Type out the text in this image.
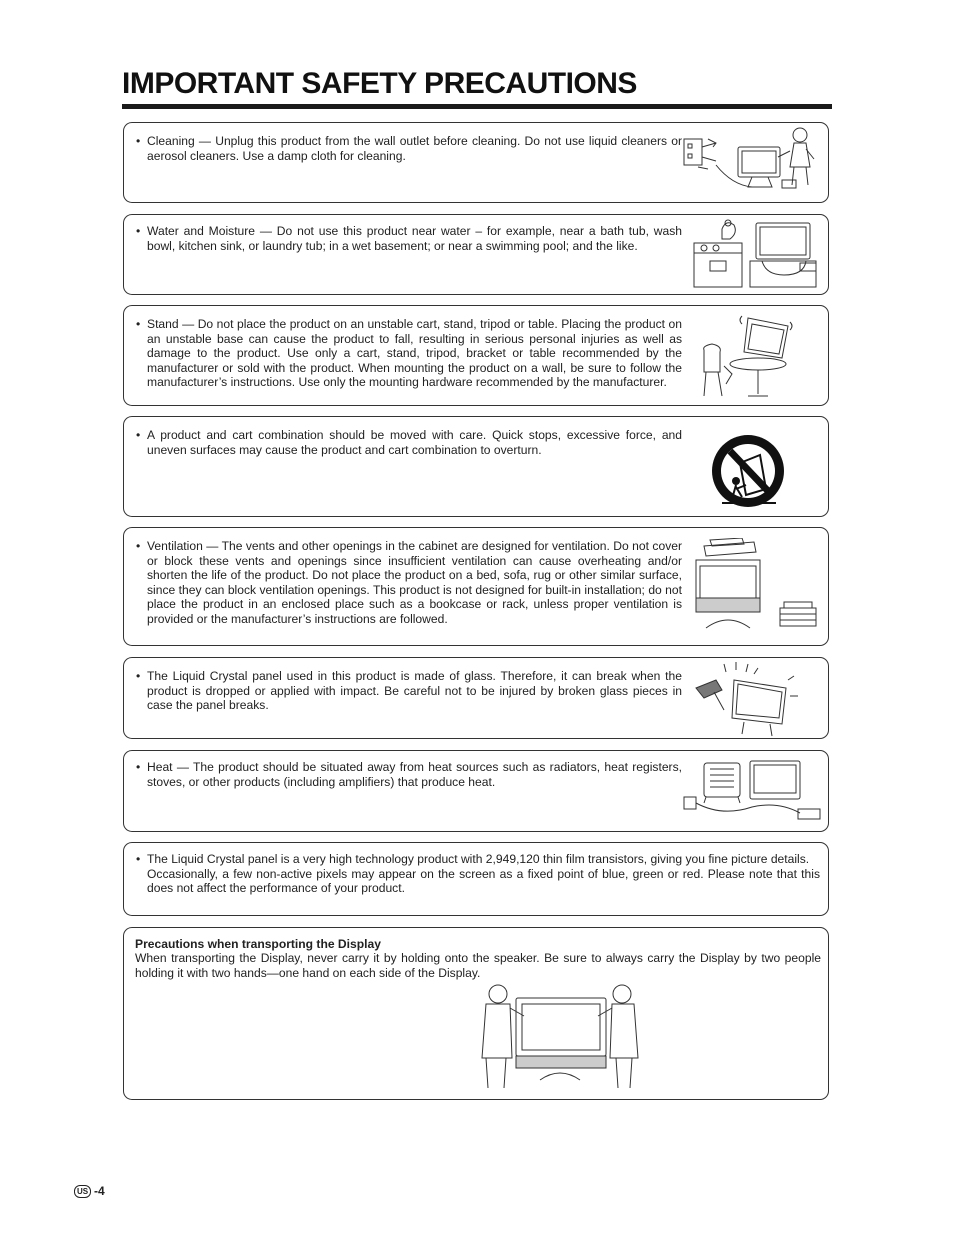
IMPORTANT SAFETY PRECAUTIONS
• Cleaning — Unplug this product from the wall outlet before cleaning. Do not use liquid cleaners or aerosol cleaners. Use a damp cloth for cleaning.
• Water and Moisture — Do not use this product near water – for example, near a bath tub, wash bowl, kitchen sink, or laundry tub; in a wet basement; or near a swimming pool; and the like.
• Stand — Do not place the product on an unstable cart, stand, tripod or table. Placing the product on an unstable base can cause the product to fall, resulting in serious personal injuries as well as damage to the product. Use only a cart, stand, tripod, bracket or table recommended by the manufacturer or sold with the product. When mounting the product on a wall, be sure to follow the manufacturer’s instructions. Use only the mounting hardware recommended by the manufacturer.
• A product and cart combination should be moved with care. Quick stops, excessive force, and uneven surfaces may cause the product and cart combination to overturn.
• Ventilation — The vents and other openings in the cabinet are designed for ventilation. Do not cover or block these vents and openings since insufficient ventilation can cause overheating and/or shorten the life of the product. Do not place the product on a bed, sofa, rug or other similar surface, since they can block ventilation openings. This product is not designed for built-in installation; do not place the product in an enclosed place such as a bookcase or rack, unless proper ventilation is provided or the manufacturer’s instructions are followed.
• The Liquid Crystal panel used in this product is made of glass. Therefore, it can break when the product is dropped or applied with impact. Be careful not to be injured by broken glass pieces in case the panel breaks.
• Heat — The product should be situated away from heat sources such as radiators, heat registers, stoves, or other products (including amplifiers) that produce heat.
• The Liquid Crystal panel is a very high technology product with 2,949,120 thin film transistors, giving you fine picture details.
Occasionally, a few non-active pixels may appear on the screen as a fixed point of blue, green or red. Please note that this does not affect the performance of your product.
Precautions when transporting the Display
When transporting the Display, never carry it by holding onto the speaker. Be sure to always carry the Display by two people holding it with two hands—one hand on each side of the Display.
US -4
